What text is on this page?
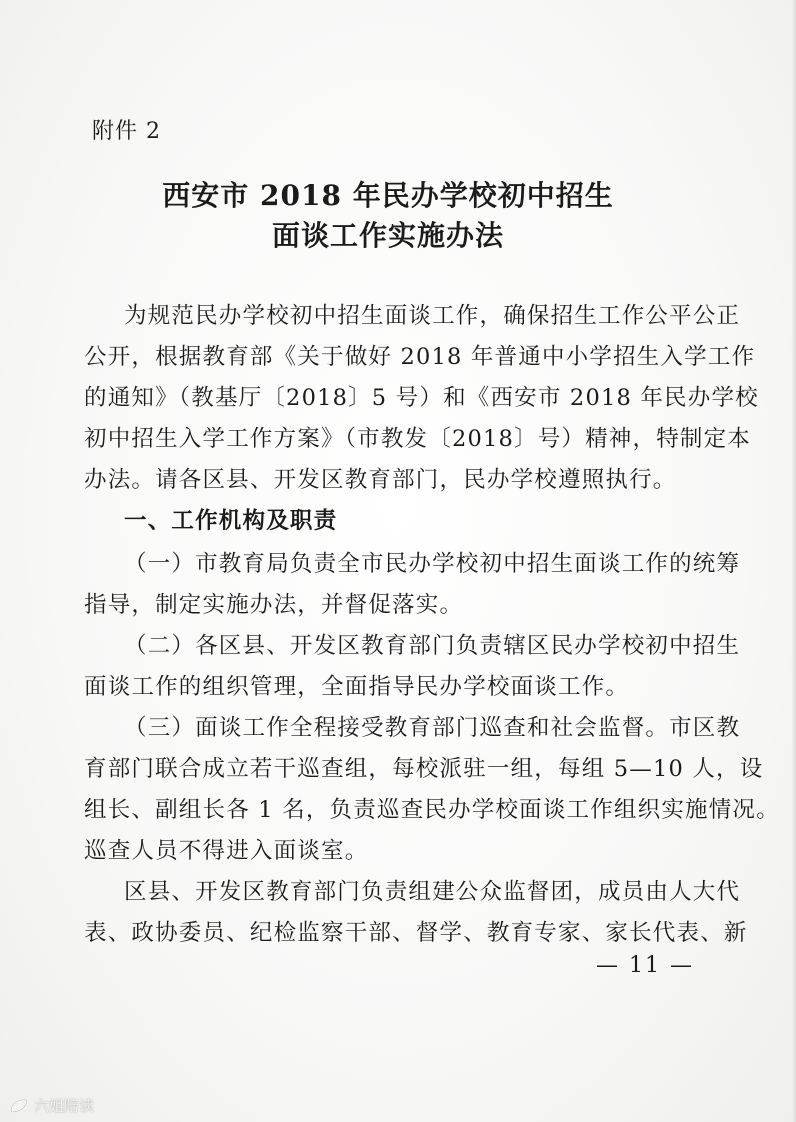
附件 2
西安市 2018 年民办学校初中招生
面谈工作实施办法
为规范民办学校初中招生面谈工作，确保招生工作公平公正
公开，根据教育部《关于做好 2018 年普通中小学招生入学工作
的通知》（教基厅〔2018〕5 号）和《西安市 2018 年民办学校
初中招生入学工作方案》（市教发〔2018〕号）精神，特制定本
办法。请各区县、开发区教育部门，民办学校遵照执行。
一、工作机构及职责
（一）市教育局负责全市民办学校初中招生面谈工作的统筹
指导，制定实施办法，并督促落实。
（二）各区县、开发区教育部门负责辖区民办学校初中招生
面谈工作的组织管理，全面指导民办学校面谈工作。
（三）面谈工作全程接受教育部门巡查和社会监督。市区教
育部门联合成立若干巡查组，每校派驻一组，每组 5—10 人，设
组长、副组长各 1 名，负责巡查民办学校面谈工作组织实施情况。
巡查人员不得进入面谈室。
区县、开发区教育部门负责组建公众监督团，成员由人大代
表、政协委员、纪检监察干部、督学、教育专家、家长代表、新
— 11 —
六姐陪读
